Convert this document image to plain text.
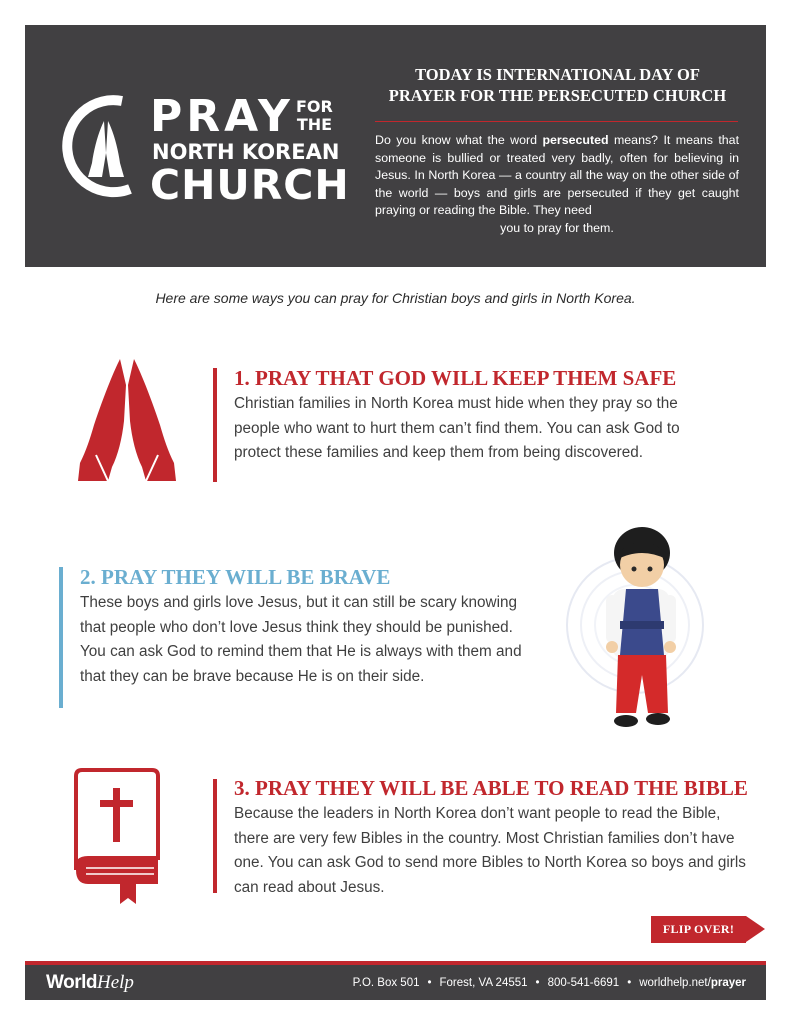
PRAY FOR
THE
NORTH KOREAN
CHURCH
TODAY IS INTERNATIONAL DAY OF
PRAYER FOR THE PERSECUTED CHURCH
Do you know what the word persecuted means? It means that someone is bullied or treated very badly, often for believing in Jesus. In North Korea — a country all the way on the other side of the world — boys and girls are persecuted if they get caught praying or reading the Bible. They need
you to pray for them.
Here are some ways you can pray for Christian boys and girls in North Korea.
1. PRAY THAT GOD WILL KEEP THEM SAFE
Christian families in North Korea must hide when they pray so the people who want to hurt them can’t find them. You can ask God to protect these families and keep them from being discovered.
2. PRAY THEY WILL BE BRAVE
These boys and girls love Jesus, but it can still be scary knowing that people who don’t love Jesus think they should be punished. You can ask God to remind them that He is always with them and that they can be brave because He is on their side.
3. PRAY THEY WILL BE ABLE TO READ THE BIBLE
Because the leaders in North Korea don’t want people to read the Bible, there are very few Bibles in the country. Most Christian families don’t have one. You can ask God to send more Bibles to North Korea so boys and girls can read about Jesus.
FLIP OVER!
WorldHelp	P.O. Box 501 • Forest, VA 24551 • 800-541-6691 • worldhelp.net/prayer
